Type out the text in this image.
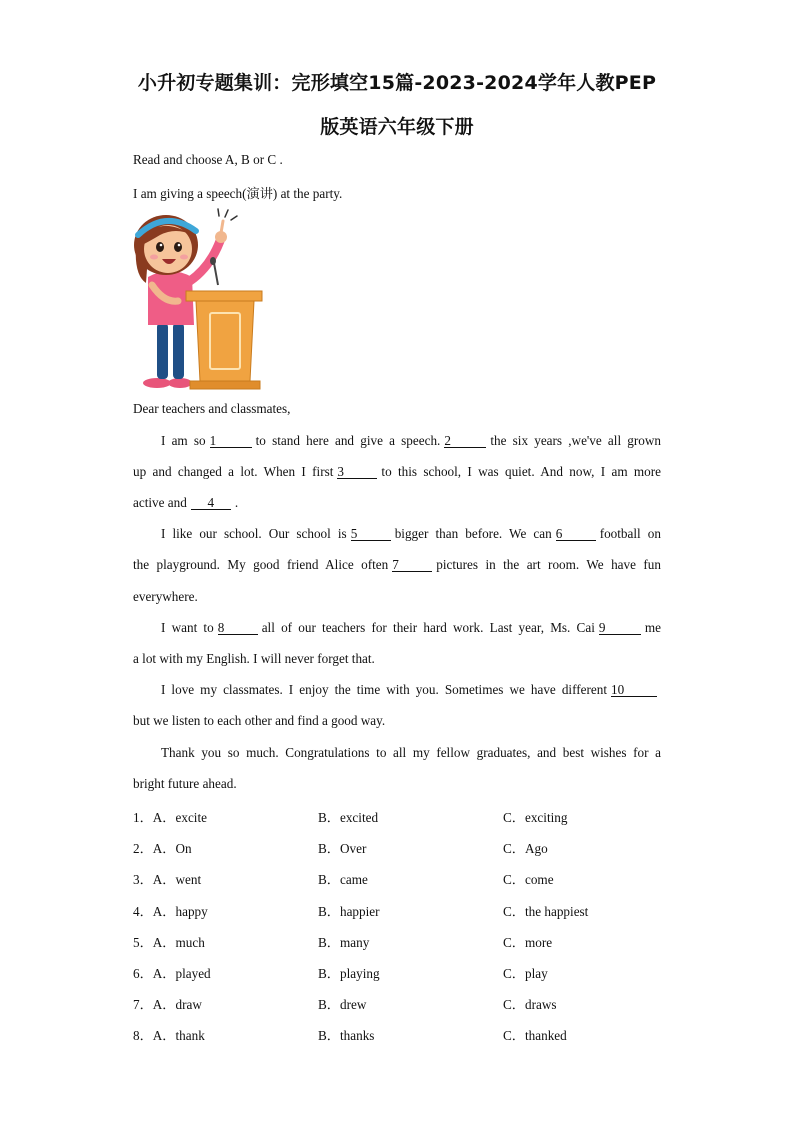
小升初专题集训：完形填空15篇-2023-2024学年人教PEP
版英语六年级下册
Read and choose A, B or C .
I am giving a speech(演讲) at the party.
Dear teachers and classmates,
I am so 1	to stand here and give a speech. 2	the six years ,we've all grown
up and changed a lot. When I first 3	to this school, I was quiet. And now, I am more
active and 4 .
I like our school. Our school is 5	bigger than before. We can 6	football on
the playground. My good friend Alice often 7	pictures in the art room. We have fun
everywhere.
I want to 8	all of our teachers for their hard work. Last year, Ms. Cai 9	me
a lot with my English. I will never forget that.
I love my classmates. I enjoy the time with you. Sometimes we have different 10
but we listen to each other and find a good way.
Thank you so much. Congratulations to all my fellow graduates, and best wishes for a
bright future ahead.
1．A．excite	B．excited	C．exciting
2．A．On	B．Over	C．Ago
3．A．went	B．came	C．come
4．A．happy	B．happier	C．the happiest
5．A．much	B．many	C．more
6．A．played	B．playing	C．play
7．A．draw	B．drew	C．draws
8．A．thank	B．thanks	C．thanked
